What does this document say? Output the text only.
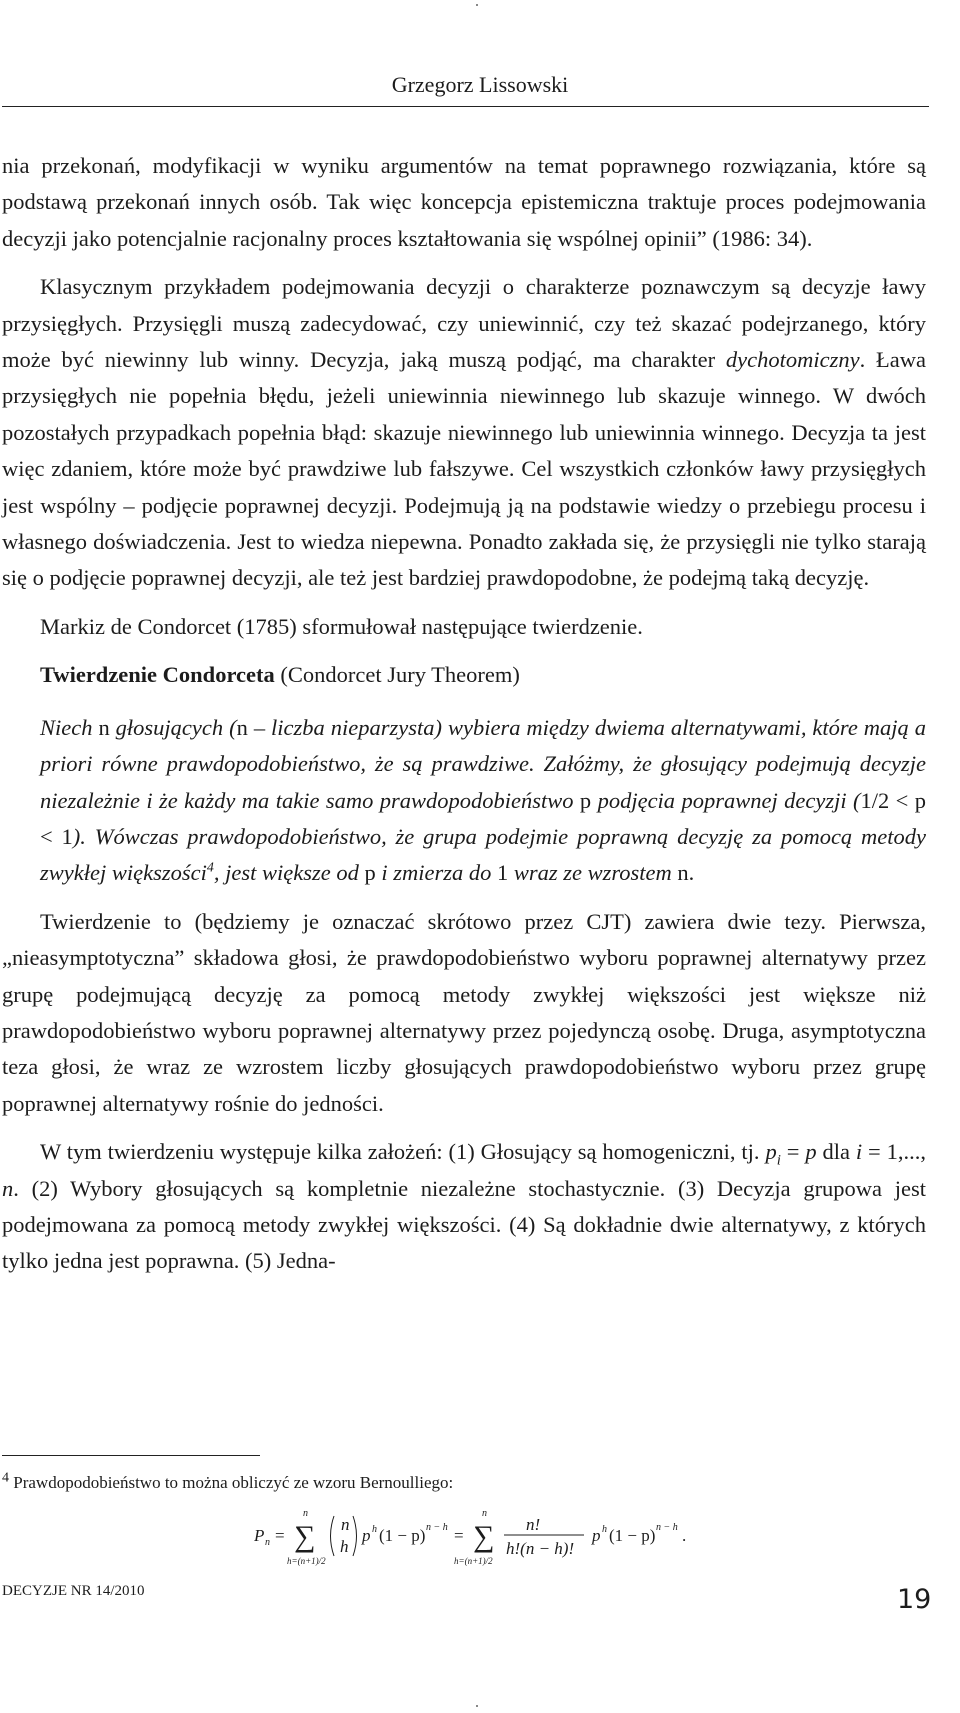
Grzegorz Lissowski

nia przekonań, modyfikacji w wyniku argumentów na temat poprawnego rozwiązania, które są podstawą przekonań innych osób. Tak więc koncepcja epistemiczna traktuje proces podejmowania decyzji jako potencjalnie racjonalny proces kształtowania się wspólnej opinii” (1986: 34).

Klasycznym przykładem podejmowania decyzji o charakterze poznawczym są decyzje ławy przysięgłych. Przysięgli muszą zadecydować, czy uniewinnić, czy też skazać podejrzanego, który może być niewinny lub winny. Decyzja, jaką muszą podjąć, ma charakter dychotomiczny. Ława przysięgłych nie popełnia błędu, jeżeli uniewinnia niewinnego lub skazuje winnego. W dwóch pozostałych przypadkach popełnia błąd: skazuje niewinnego lub uniewinnia winnego. Decyzja ta jest więc zdaniem, które może być prawdziwe lub fałszywe. Cel wszystkich członków ławy przysięgłych jest wspólny – podjęcie poprawnej decyzji. Podejmują ją na podstawie wiedzy o przebiegu procesu i własnego doświadczenia. Jest to wiedza niepewna. Ponadto zakłada się, że przysięgli nie tylko starają się o podjęcie poprawnej decyzji, ale też jest bardziej prawdopodobne, że podejmą taką decyzję.

Markiz de Condorcet (1785) sformułował następujące twierdzenie.

Twierdzenie Condorceta (Condorcet Jury Theorem)

Niech n głosujących (n – liczba nieparzysta) wybiera między dwiema alternatywami, które mają a priori równe prawdopodobieństwo, że są prawdziwe. Załóżmy, że głosujący podejmują decyzje niezależnie i że każdy ma takie samo prawdopodobieństwo p podjęcia poprawnej decyzji (1/2 < p < 1). Wówczas prawdopodobieństwo, że grupa podejmie poprawną decyzję za pomocą metody zwykłej większości$^4$, jest większe od p i zmierza do 1 wraz ze wzrostem n.

Twierdzenie to (będziemy je oznaczać skrótowo przez CJT) zawiera dwie tezy. Pierwsza, „nieasymptotyczna” składowa głosi, że prawdopodobieństwo wyboru poprawnej alternatywy przez grupę podejmującą decyzję za pomocą metody zwykłej większości jest większe niż prawdopodobieństwo wyboru poprawnej alternatywy przez pojedynczą osobę. Druga, asymptotyczna teza głosi, że wraz ze wzrostem liczby głosujących prawdopodobieństwo wyboru przez grupę poprawnej alternatywy rośnie do jedności.

W tym twierdzeniu występuje kilka założeń: (1) Głosujący są homogeniczni, tj. $p_i = p$ dla i = 1,..., n. (2) Wybory głosujących są kompletnie niezależne stochastycznie. (3) Decyzja grupowa jest podejmowana za pomocą metody zwykłej większości. (4) Są dokładnie dwie alternatywy, z których tylko jedna jest poprawna. (5) Jedna-

$^4$ Prawdopodobieństwo to można obliczyć ze wzoru Bernoulliego:
P n =
n
∑
h=(n+1)/2
n
h
p h (1 − p) n − h =
n
∑
h=(n+1)/2
n!
h!(n − h)!
p h (1 − p) n − h .
DECYZJE NR 14/2010	19
